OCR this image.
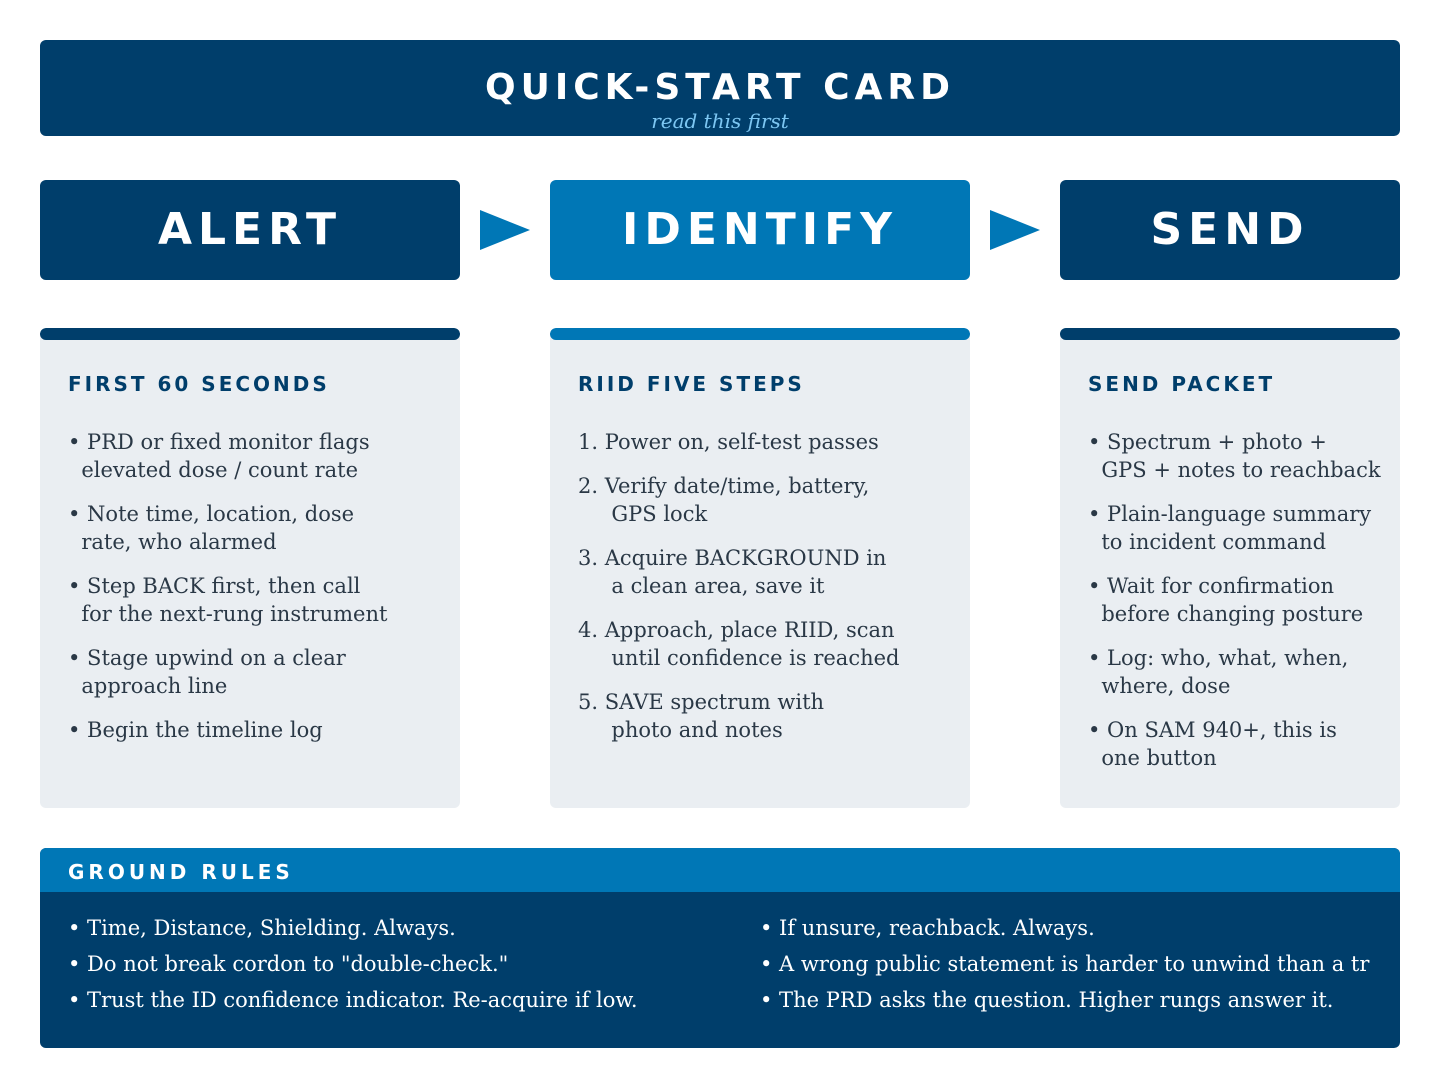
QUICK-START CARD
read this first
ALERT	IDENTIFY	SEND
FIRST 60 SECONDS
• PRD or fixed monitor flags
elevated dose / count rate
• Note time, location, dose
rate, who alarmed
• Step BACK first, then call
for the next-rung instrument
• Stage upwind on a clear
approach line
• Begin the timeline log
RIID FIVE STEPS
1. Power on, self-test passes
2. Verify date/time, battery,
GPS lock
3. Acquire BACKGROUND in
a clean area, save it
4. Approach, place RIID, scan
until confidence is reached
5. SAVE spectrum with
photo and notes
SEND PACKET
• Spectrum + photo +
GPS + notes to reachback
• Plain-language summary
to incident command
• Wait for confirmation
before changing posture
• Log: who, what, when,
where, dose
• On SAM 940+, this is
one button
GROUND RULES
• Time, Distance, Shielding. Always.
• Do not break cordon to "double-check."
• Trust the ID confidence indicator. Re-acquire if low.
• If unsure, reachback. Always.
• A wrong public statement is harder to unwind than a tr
• The PRD asks the question. Higher rungs answer it.
